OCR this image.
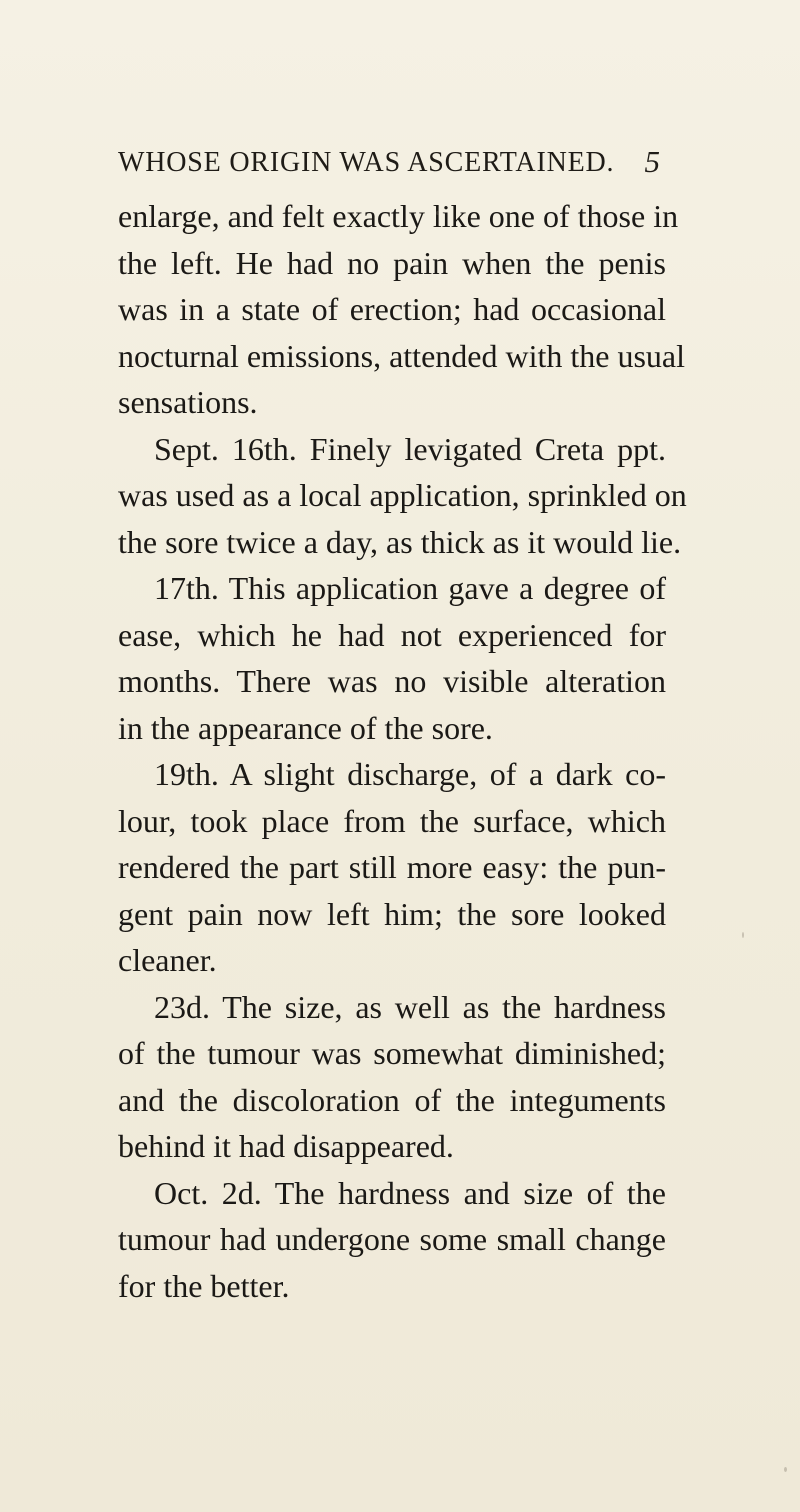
WHOSE ORIGIN WAS ASCERTAINED. 5
enlarge, and felt exactly like one of those in
the left. He had no pain when the penis
was in a state of erection; had occasional
nocturnal emissions, attended with the usual
sensations.
Sept. 16th. Finely levigated Creta ppt.
was used as a local application, sprinkled on
the sore twice a day, as thick as it would lie.
17th. This application gave a degree of
ease, which he had not experienced for
months. There was no visible alteration
in the appearance of the sore.
19th. A slight discharge, of a dark co-
lour, took place from the surface, which
rendered the part still more easy: the pun-
gent pain now left him; the sore looked
cleaner.
23d. The size, as well as the hardness
of the tumour was somewhat diminished;
and the discoloration of the integuments
behind it had disappeared.
Oct. 2d. The hardness and size of the
tumour had undergone some small change
for the better.
